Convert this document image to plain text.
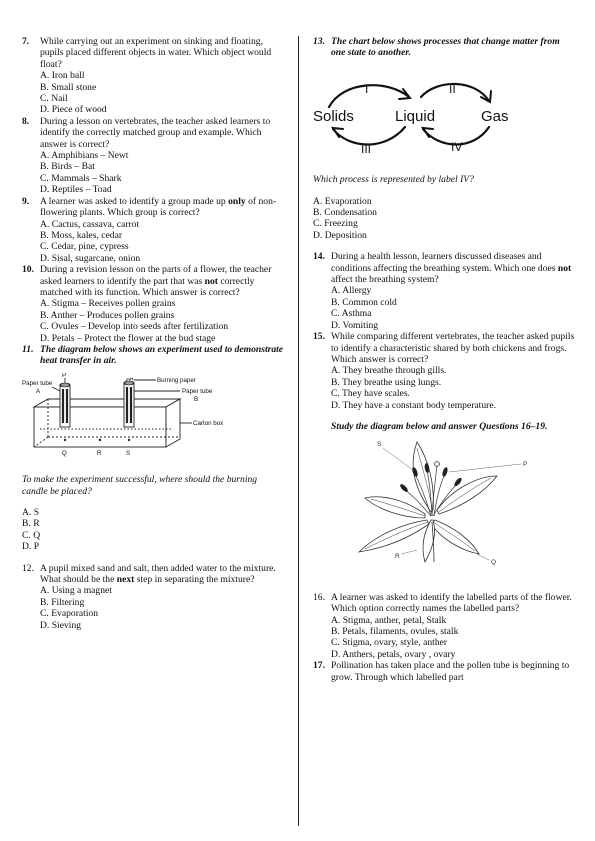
7. While carrying out an experiment on sinking and floating, pupils placed different objects in water. Which object would float?
A. Iron ball
B. Small stone
C. Nail
D. Piece of wood
8. During a lesson on vertebrates, the teacher asked learners to identify the correctly matched group and example. Which answer is correct?
A. Amphibians – Newt
B. Birds – Bat
C. Mammals – Shark
D. Reptiles – Toad
9. A learner was asked to identify a group made up only of non-flowering plants. Which group is correct?
A. Cactus, cassava, carrot
B. Moss, kales, cedar
C. Cedar, pine, cypress
D. Sisal, sugarcane, onion
10. During a revision lesson on the parts of a flower, the teacher asked learners to identify the part that was not correctly matched with its function. Which answer is correct?
A. Stigma – Receives pollen grains
B. Anther – Produces pollen grains
C. Ovules – Develop into seeds after fertilization
D. Petals – Protect the flower at the bud stage
11. The diagram below shows an experiment used to demonstrate heat transfer in air.
Paper tube
A
P
Burning paper
Paper tube
B
Carton box
Q	R	S
To make the experiment successful, where should the burning candle be placed?
A. S
B. R
C. Q
D. P
12. A pupil mixed sand and salt, then added water to the mixture. What should be the next step in separating the mixture?
A. Using a magnet
B. Filtering
C. Evaporation
D. Sieving
13. The chart below shows processes that change matter from one state to another.
Solids	Liquid	Gas
I	II
III	IV
Which process is represented by label IV?
A. Evaporation
B. Condensation
C. Freezing
D. Deposition
14. During a health lesson, learners discussed diseases and conditions affecting the breathing system. Which one does not affect the breathing system?
A. Allergy
B. Common cold
C. Asthma
D. Vomiting
15. While comparing different vertebrates, the teacher asked pupils to identify a characteristic shared by both chickens and frogs. Which answer is correct?
A. They breathe through gills.
B. They breathe using lungs.
C. They have scales.
D. They have a constant body temperature.
Study the diagram below and answer Questions 16–19.
S
P
R
Q
16. A learner was asked to identify the labelled parts of the flower. Which option correctly names the labelled parts?
A. Stigma, anther, petal, Stalk
B. Petals, filaments, ovules, stalk
C. Stigma, ovary, style, anther
D. Anthers, petals, ovary , ovary
17. Pollination has taken place and the pollen tube is beginning to grow. Through which labelled part
